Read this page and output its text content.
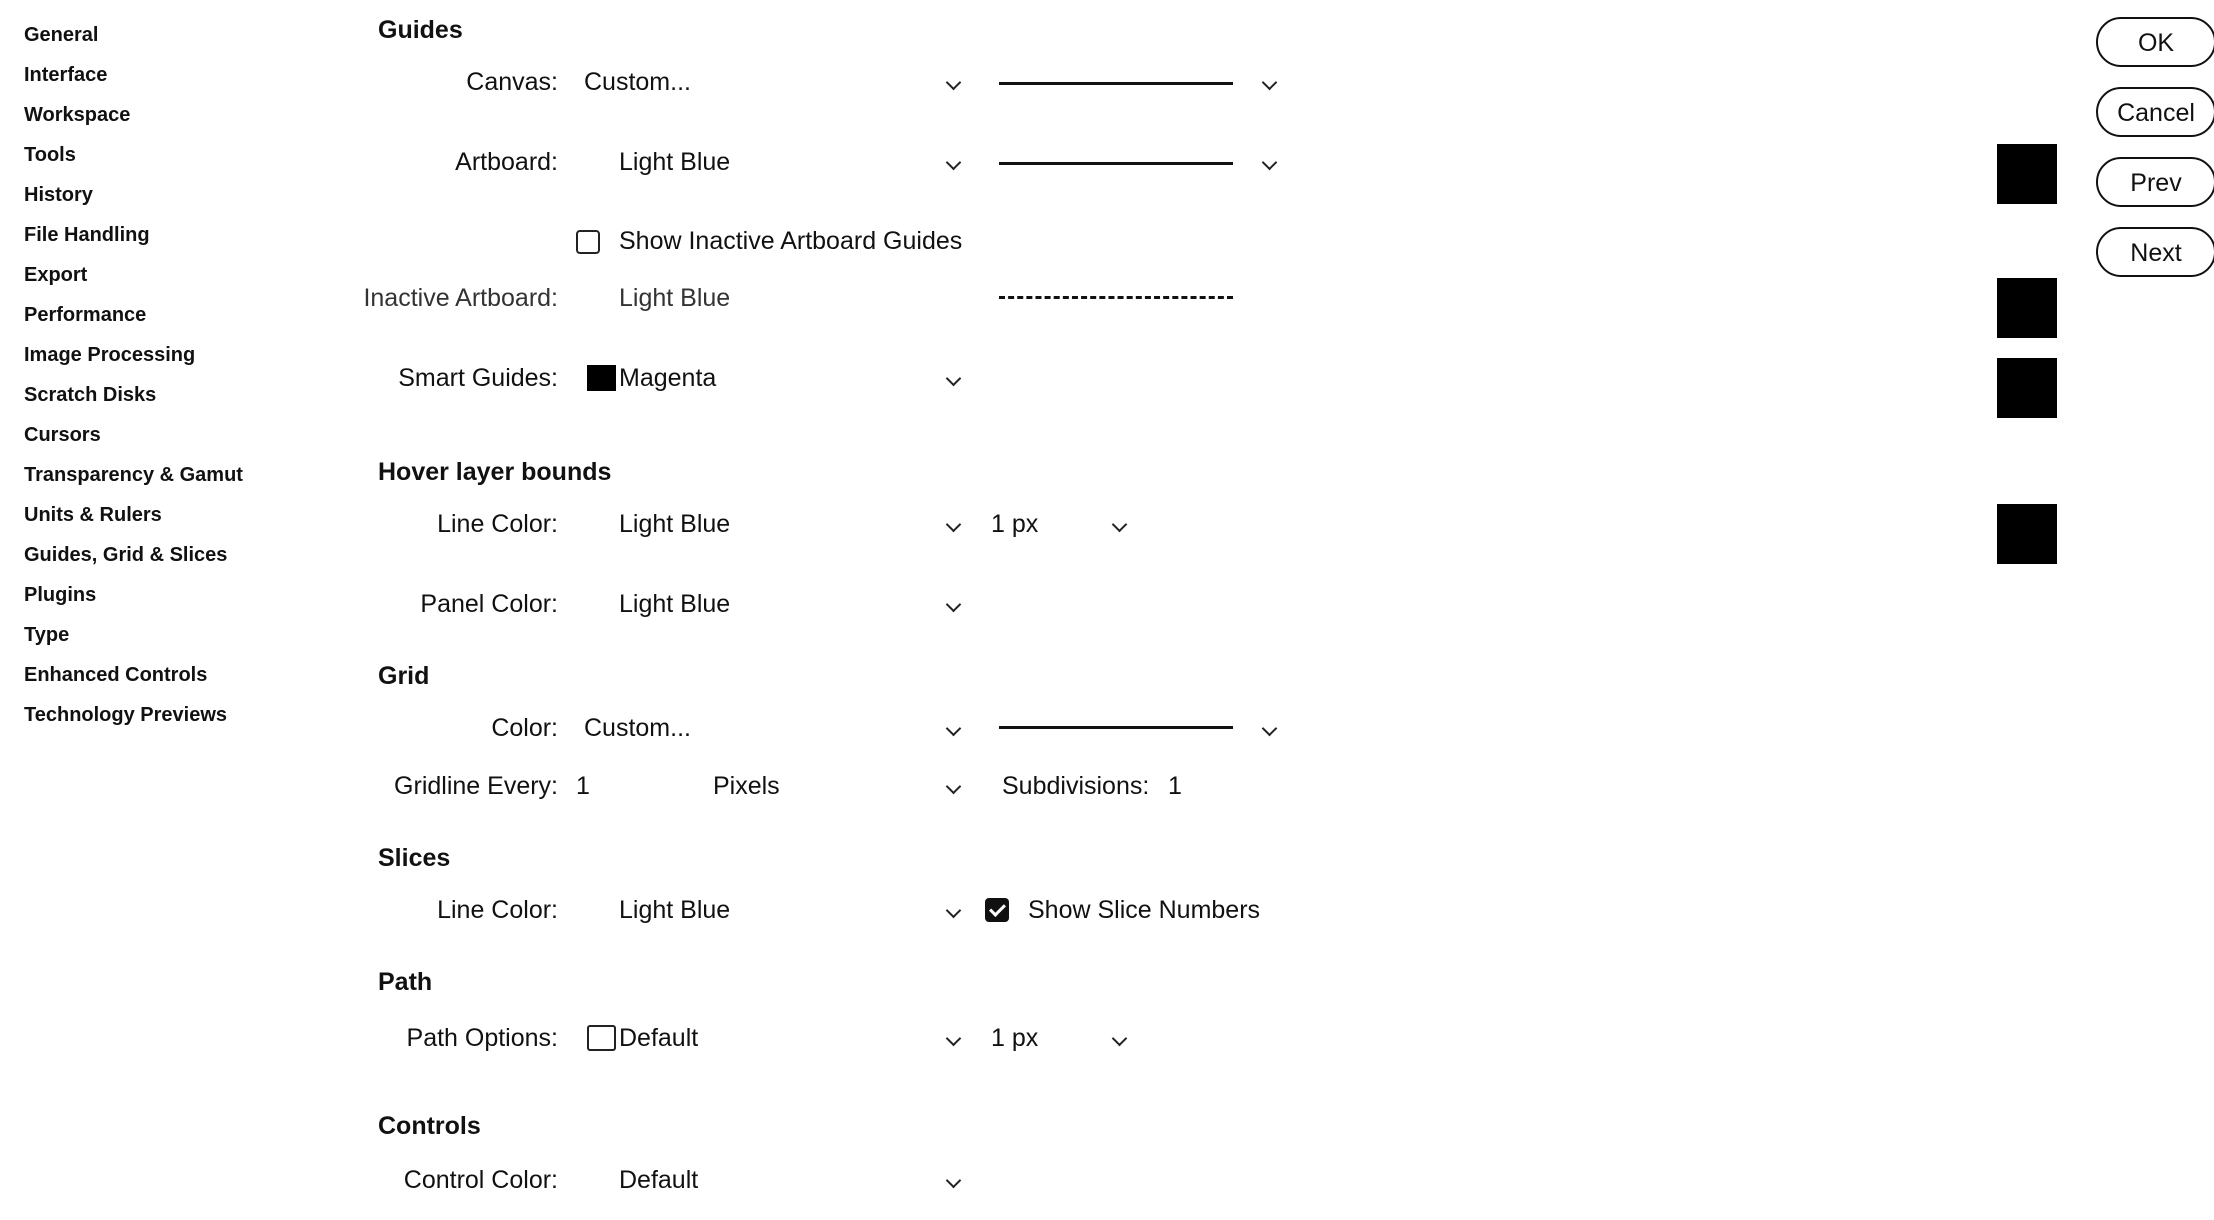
General
Interface
Workspace
Tools
History
File Handling
Export
Performance
Image Processing
Scratch Disks
Cursors
Transparency & Gamut
Units & Rulers
Guides, Grid & Slices
Plugins
Type
Enhanced Controls
Technology Previews
Guides
Canvas: Custom...
Artboard: Light Blue
Show Inactive Artboard Guides
Inactive Artboard: Light Blue
Smart Guides: Magenta
Hover layer bounds
Line Color: Light Blue	1 px
Panel Color: Light Blue
Grid
Color: Custom...
Gridline Every: 1	Pixels	Subdivisions: 1
Slices
Line Color: Light Blue	Show Slice Numbers
Path
Path Options: Default	1 px
Controls
Control Color: Default
OK
Cancel
Prev
Next
